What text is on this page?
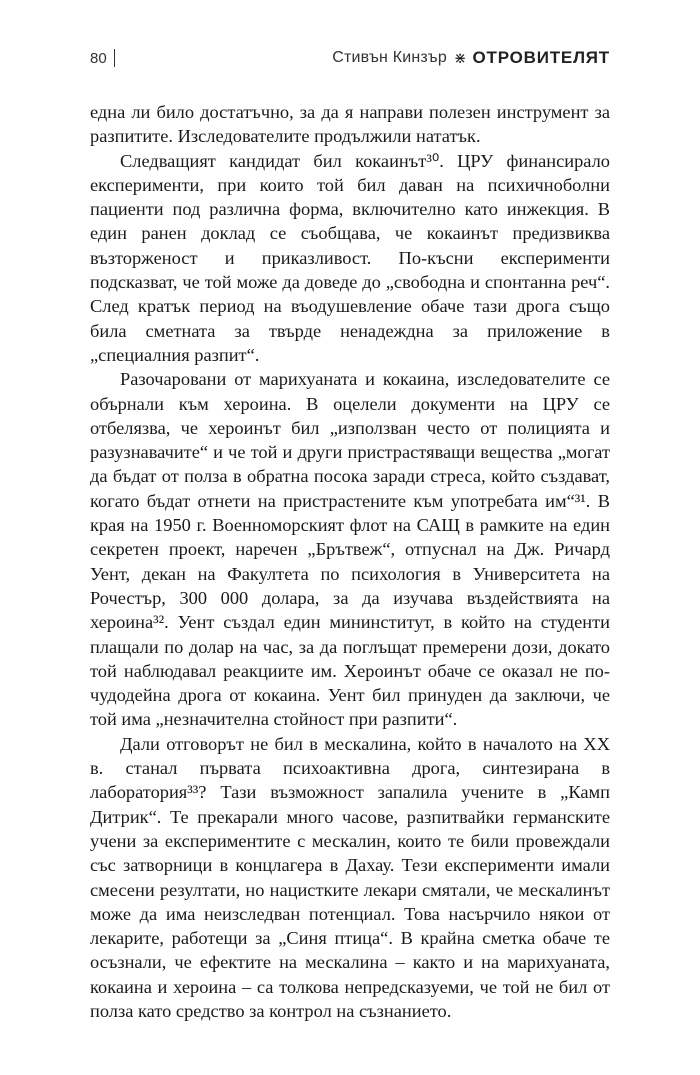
80	Стивън Кинзър ⋇ ОТРОВИТЕЛЯТ

една ли било достатъчно, за да я направи полезен инструмент за разпитите. Изследователите продължили нататък.

Следващият кандидат бил кокаинът³⁰. ЦРУ финансирало експерименти, при които той бил даван на психичноболни пациенти под различна форма, включително като инжекция. В един ранен доклад се съобщава, че кокаинът предизвиква възторженост и приказливост. По-късни експерименти подсказват, че той може да доведе до „свободна и спонтанна реч“. След кратък период на въодушевление обаче тази дрога също била сметната за твърде ненадеждна за приложение в „специалния разпит“.

Разочаровани от марихуаната и кокаина, изследователите се обърнали към хероина. В оцелели документи на ЦРУ се отбелязва, че хероинът бил „използван често от полицията и разузнавачите“ и че той и други пристрастяващи вещества „могат да бъдат от полза в обратна посока заради стреса, който създават, когато бъдат отнети на пристрастените към употребата им“³¹. В края на 1950 г. Военноморският флот на САЩ в рамките на един секретен проект, наречен „Брътвеж“, отпуснал на Дж. Ричард Уент, декан на Факултета по психология в Университета на Рочестър, 300 000 долара, за да изучава въздействията на хероина³². Уент създал един мининститут, в който на студенти плащали по долар на час, за да поглъщат премерени дози, докато той наблюдавал реакциите им. Хероинът обаче се оказал не по-чудодейна дрога от кокаина. Уент бил принуден да заключи, че той има „незначителна стойност при разпити“.

Дали отговорът не бил в мескалина, който в началото на XX в. станал първата психоактивна дрога, синтезирана в лаборатория³³? Тази възможност запалила учените в „Камп Дитрик“. Те прекарали много часове, разпитвайки германските учени за експериментите с мескалин, които те били провеждали със затворници в концлагера в Дахау. Тези експерименти имали смесени резултати, но нацистките лекари смятали, че мескалинът може да има неизследван потенциал. Това насърчило някои от лекарите, работещи за „Синя птица“. В крайна сметка обаче те осъзнали, че ефектите на мескалина – както и на марихуаната, кокаина и хероина – са толкова непредсказуеми, че той не бил от полза като средство за контрол на съзнанието.
